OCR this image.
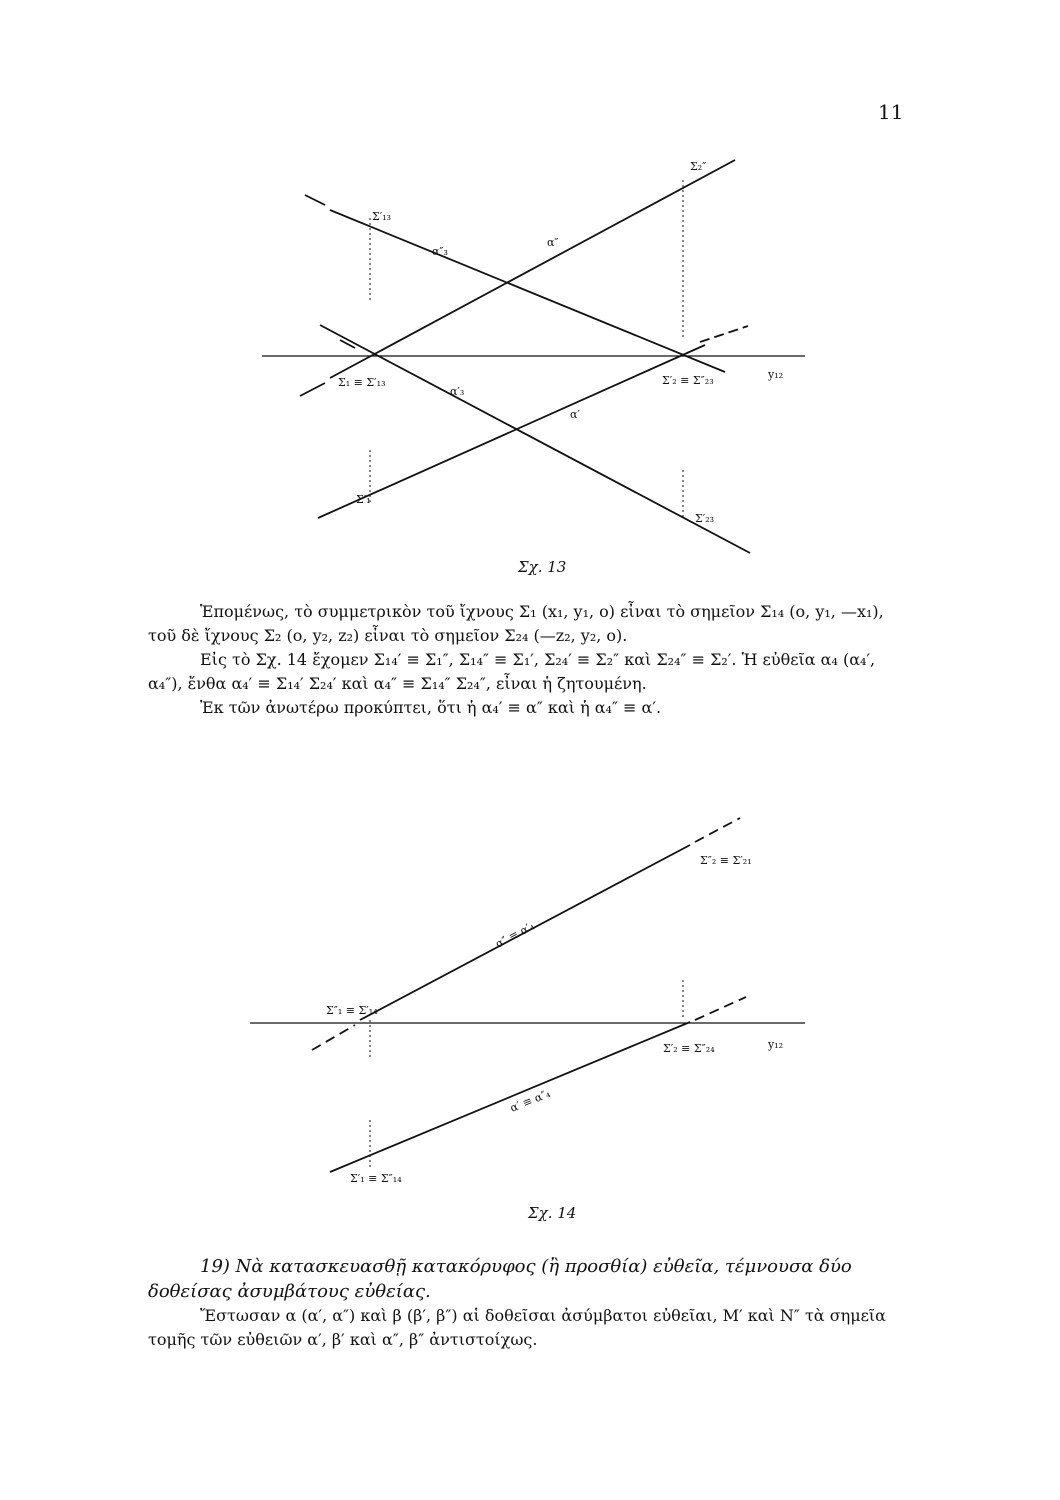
11
Σ₂″
Σ′₁₃
α″₃
α″
Σ₁ ≡ Σ′₁₃
α′₃
α′
Σ′₂ ≡ Σ″₂₃	y₁₂
Σ′₁
Σ′₂₃
Σχ. 13

Ἑπομένως, τὸ συμμετρικὸν τοῦ ἴχνους Σ₁ (x₁, y₁, o) εἶναι τὸ σημεῖον Σ₁₄ (o, y₁, —x₁), τοῦ δὲ ἴχνους Σ₂ (o, y₂, z₂) εἶναι τὸ σημεῖον Σ₂₄ (—z₂, y₂, o).

Εἰς τὸ Σχ. 14 ἔχομεν Σ₁₄′ ≡ Σ₁″, Σ₁₄″ ≡ Σ₁′, Σ₂₄′ ≡ Σ₂″ καὶ Σ₂₄″ ≡ Σ₂′. Ἡ εὐθεῖα α₄ (α₄′, α₄″), ἔνθα α₄′ ≡ Σ₁₄′ Σ₂₄′ καὶ α₄″ ≡ Σ₁₄″ Σ₂₄″, εἶναι ἡ ζητουμένη.

Ἐκ τῶν ἀνωτέρω προκύπτει, ὅτι ἡ α₄′ ≡ α″ καὶ ἡ α₄″ ≡ α′.

Σ″₂ ≡ Σ′₂₁
α″ ≡ α′₄
Σ″₁ ≡ Σ′₁₄
Σ′₂ ≡ Σ″₂₄	y₁₂
α′ ≡ α″₄
Σ′₁ ≡ Σ″₁₄
Σχ. 14

19) Νὰ κατασκευασθῇ κατακόρυφος (ἢ προσθία) εὐθεῖα, τέμνουσα δύο δοθείσας ἀσυμβάτους εὐθείας.

Ἔστωσαν α (α′, α″) καὶ β (β′, β″) αἱ δοθεῖσαι ἀσύμβατοι εὐθεῖαι, Μ′ καὶ Ν″ τὰ σημεῖα τομῆς τῶν εὐθειῶν α′, β′ καὶ α″, β″ ἀντιστοίχως.
